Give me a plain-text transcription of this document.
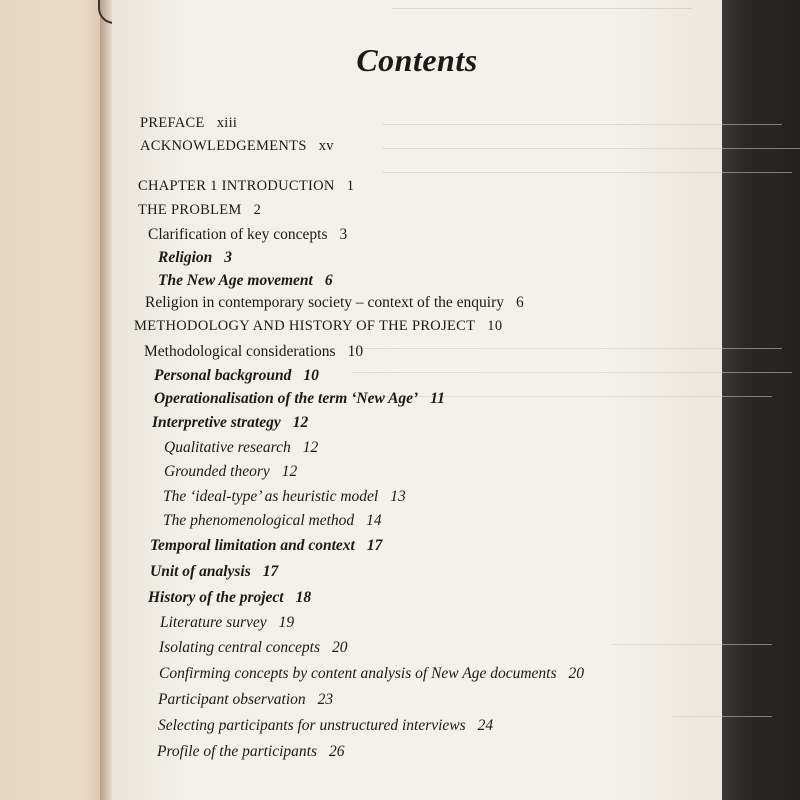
Contents
PREFACE xiii
ACKNOWLEDGEMENTS xv
CHAPTER 1 INTRODUCTION 1
THE PROBLEM 2
Clarification of key concepts 3
Religion 3
The New Age movement 6
Religion in contemporary society – context of the enquiry 6
METHODOLOGY AND HISTORY OF THE PROJECT 10
Methodological considerations 10
Personal background 10
Operationalisation of the term ‘New Age’ 11
Interpretive strategy 12
Qualitative research 12
Grounded theory 12
The ‘ideal-type’ as heuristic model 13
The phenomenological method 14
Temporal limitation and context 17
Unit of analysis 17
History of the project 18
Literature survey 19
Isolating central concepts 20
Confirming concepts by content analysis of New Age documents 20
Participant observation 23
Selecting participants for unstructured interviews 24
Profile of the participants 26
